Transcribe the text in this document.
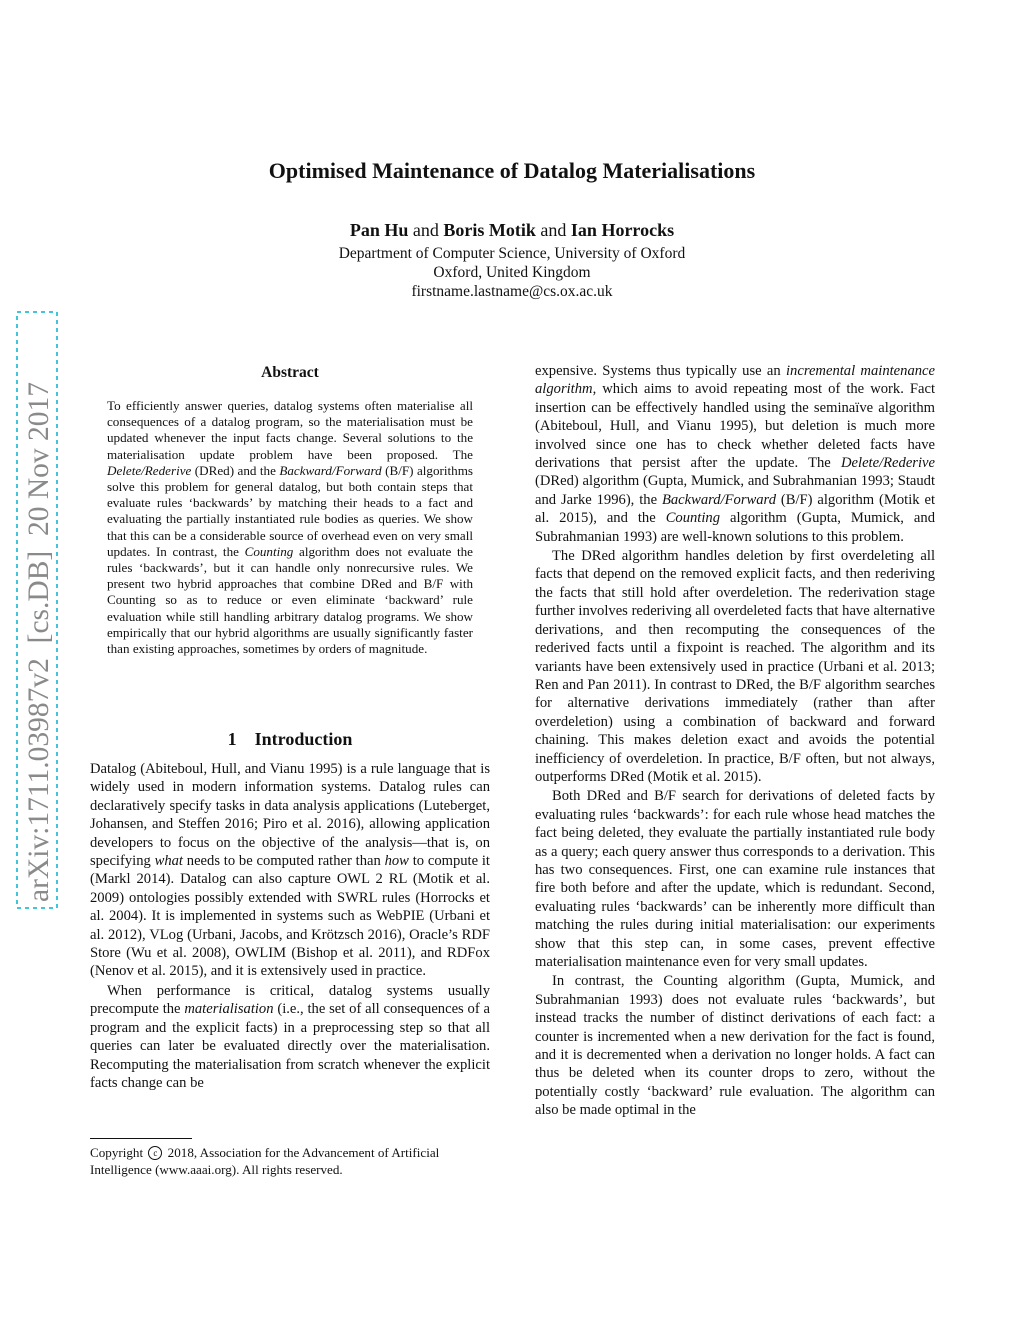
arXiv:1711.03987v2  [cs.DB]  20 Nov 2017
Optimised Maintenance of Datalog Materialisations
Pan Hu and Boris Motik and Ian Horrocks
Department of Computer Science, University of Oxford
Oxford, United Kingdom
firstname.lastname@cs.ox.ac.uk
Abstract

To efficiently answer queries, datalog systems often materialise all consequences of a datalog program, so the materialisation must be updated whenever the input facts change. Several solutions to the materialisation update problem have been proposed. The Delete/Rederive (DRed) and the Backward/Forward (B/F) algorithms solve this problem for general datalog, but both contain steps that evaluate rules ‘backwards’ by matching their heads to a fact and evaluating the partially instantiated rule bodies as queries. We show that this can be a considerable source of overhead even on very small updates. In contrast, the Counting algorithm does not evaluate the rules ‘backwards’, but it can handle only nonrecursive rules. We present two hybrid approaches that combine DRed and B/F with Counting so as to reduce or even eliminate ‘backward’ rule evaluation while still handling arbitrary datalog programs. We show empirically that our hybrid algorithms are usually significantly faster than existing approaches, sometimes by orders of magnitude.

1 Introduction

Datalog (Abiteboul, Hull, and Vianu 1995) is a rule language that is widely used in modern information systems. Datalog rules can declaratively specify tasks in data analysis applications (Luteberget, Johansen, and Steffen 2016; Piro et al. 2016), allowing application developers to focus on the objective of the analysis—that is, on specifying what needs to be computed rather than how to compute it (Markl 2014). Datalog can also capture OWL 2 RL (Motik et al. 2009) ontologies possibly extended with SWRL rules (Horrocks et al. 2004). It is implemented in systems such as WebPIE (Urbani et al. 2012), VLog (Urbani, Jacobs, and Krötzsch 2016), Oracle’s RDF Store (Wu et al. 2008), OWLIM (Bishop et al. 2011), and RDFox (Nenov et al. 2015), and it is extensively used in practice.

When performance is critical, datalog systems usually precompute the materialisation (i.e., the set of all consequences of a program and the explicit facts) in a preprocessing step so that all queries can later be evaluated directly over the materialisation. Recomputing the materialisation from scratch whenever the explicit facts change can be

Copyright c 2018, Association for the Advancement of Artificial Intelligence (www.aaai.org). All rights reserved.

expensive. Systems thus typically use an incremental maintenance algorithm, which aims to avoid repeating most of the work. Fact insertion can be effectively handled using the seminaïve algorithm (Abiteboul, Hull, and Vianu 1995), but deletion is much more involved since one has to check whether deleted facts have derivations that persist after the update. The Delete/Rederive (DRed) algorithm (Gupta, Mumick, and Subrahmanian 1993; Staudt and Jarke 1996), the Backward/Forward (B/F) algorithm (Motik et al. 2015), and the Counting algorithm (Gupta, Mumick, and Subrahmanian 1993) are well-known solutions to this problem.

The DRed algorithm handles deletion by first overdeleting all facts that depend on the removed explicit facts, and then rederiving the facts that still hold after overdeletion. The rederivation stage further involves rederiving all overdeleted facts that have alternative derivations, and then recomputing the consequences of the rederived facts until a fixpoint is reached. The algorithm and its variants have been extensively used in practice (Urbani et al. 2013; Ren and Pan 2011). In contrast to DRed, the B/F algorithm searches for alternative derivations immediately (rather than after overdeletion) using a combination of backward and forward chaining. This makes deletion exact and avoids the potential inefficiency of overdeletion. In practice, B/F often, but not always, outperforms DRed (Motik et al. 2015).

Both DRed and B/F search for derivations of deleted facts by evaluating rules ‘backwards’: for each rule whose head matches the fact being deleted, they evaluate the partially instantiated rule body as a query; each query answer thus corresponds to a derivation. This has two consequences. First, one can examine rule instances that fire both before and after the update, which is redundant. Second, evaluating rules ‘backwards’ can be inherently more difficult than matching the rules during initial materialisation: our experiments show that this step can, in some cases, prevent effective materialisation maintenance even for very small updates.

In contrast, the Counting algorithm (Gupta, Mumick, and Subrahmanian 1993) does not evaluate rules ‘backwards’, but instead tracks the number of distinct derivations of each fact: a counter is incremented when a new derivation for the fact is found, and it is decremented when a derivation no longer holds. A fact can thus be deleted when its counter drops to zero, without the potentially costly ‘backward’ rule evaluation. The algorithm can also be made optimal in the
